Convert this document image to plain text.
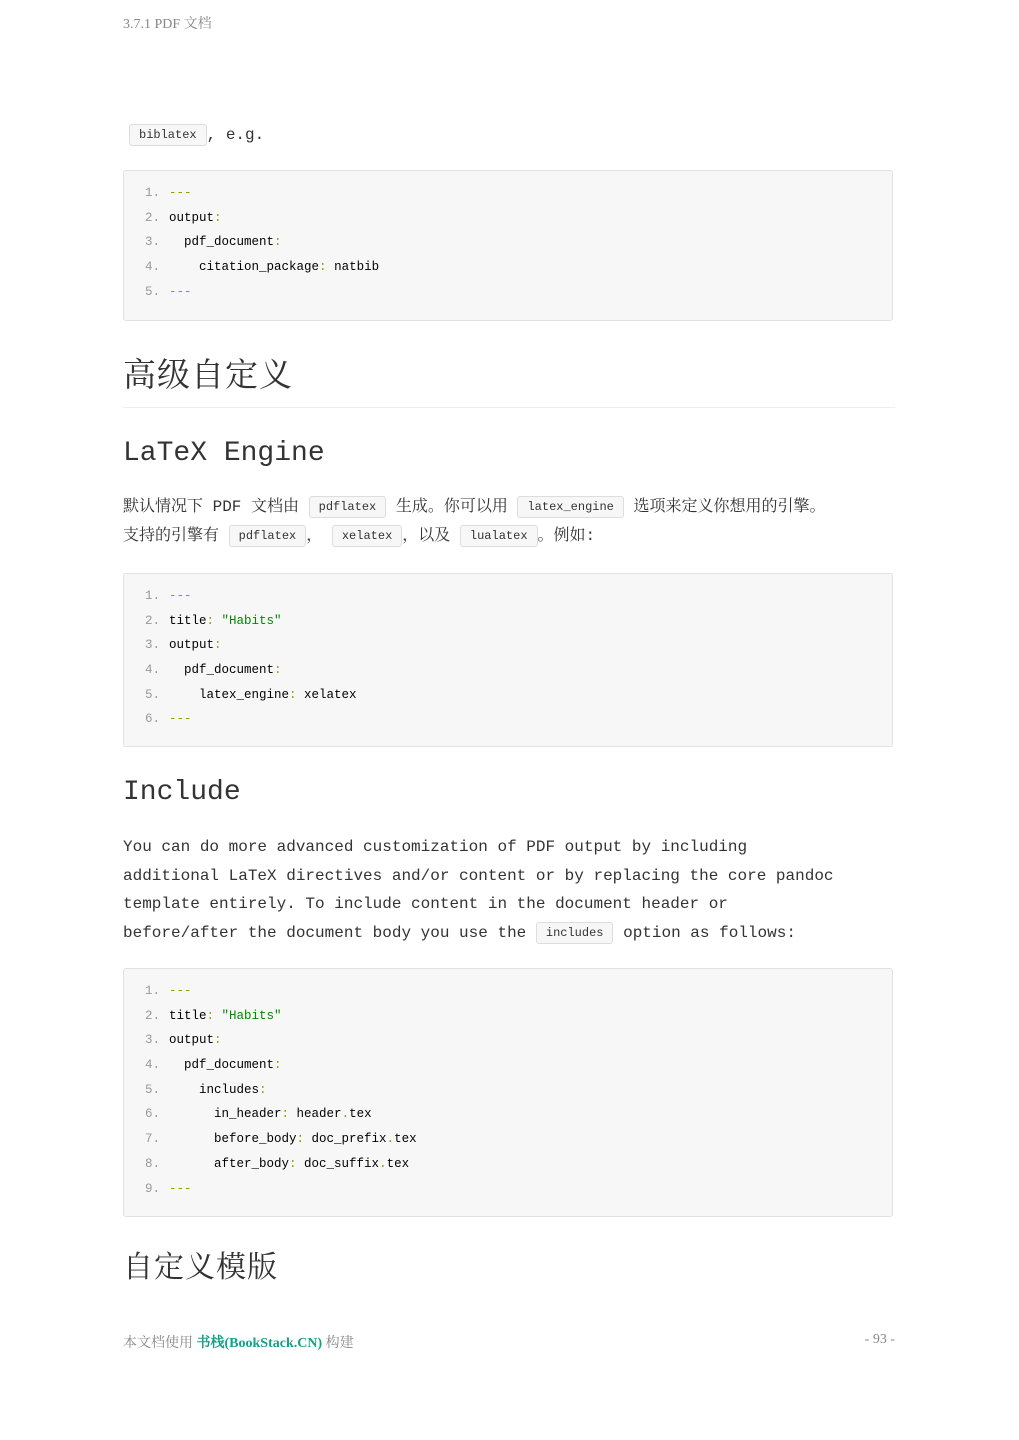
3.7.1 PDF 文档
biblatex , e.g.
1. ---
2. output:
3. pdf_document:
4.	citation_package: natbib
5. ---
高级自定义
LaTeX Engine
默认情况下 PDF 文档由 pdflatex 生成。你可以用 latex_engine 选项来定义你想用的引擎。
支持的引擎有 pdflatex ， xelatex ，以及 lualatex 。例如:
1. ---
2. title: "Habits"
3. output:
4. pdf_document:
5.	latex_engine: xelatex
6. ---
Include
You can do more advanced customization of PDF output by including
additional LaTeX directives and/or content or by replacing the core pandoc
template entirely. To include content in the document header or
before/after the document body you use the includes option as follows:
1. ---
2. title: "Habits"
3. output:
4. pdf_document:
5.	includes:
6.	in_header: header.tex
7.	before_body: doc_prefix.tex
8.	after_body: doc_suffix.tex
9. ---
自定义模版
本文档使用 书栈(BookStack.CN) 构建	- 93 -
